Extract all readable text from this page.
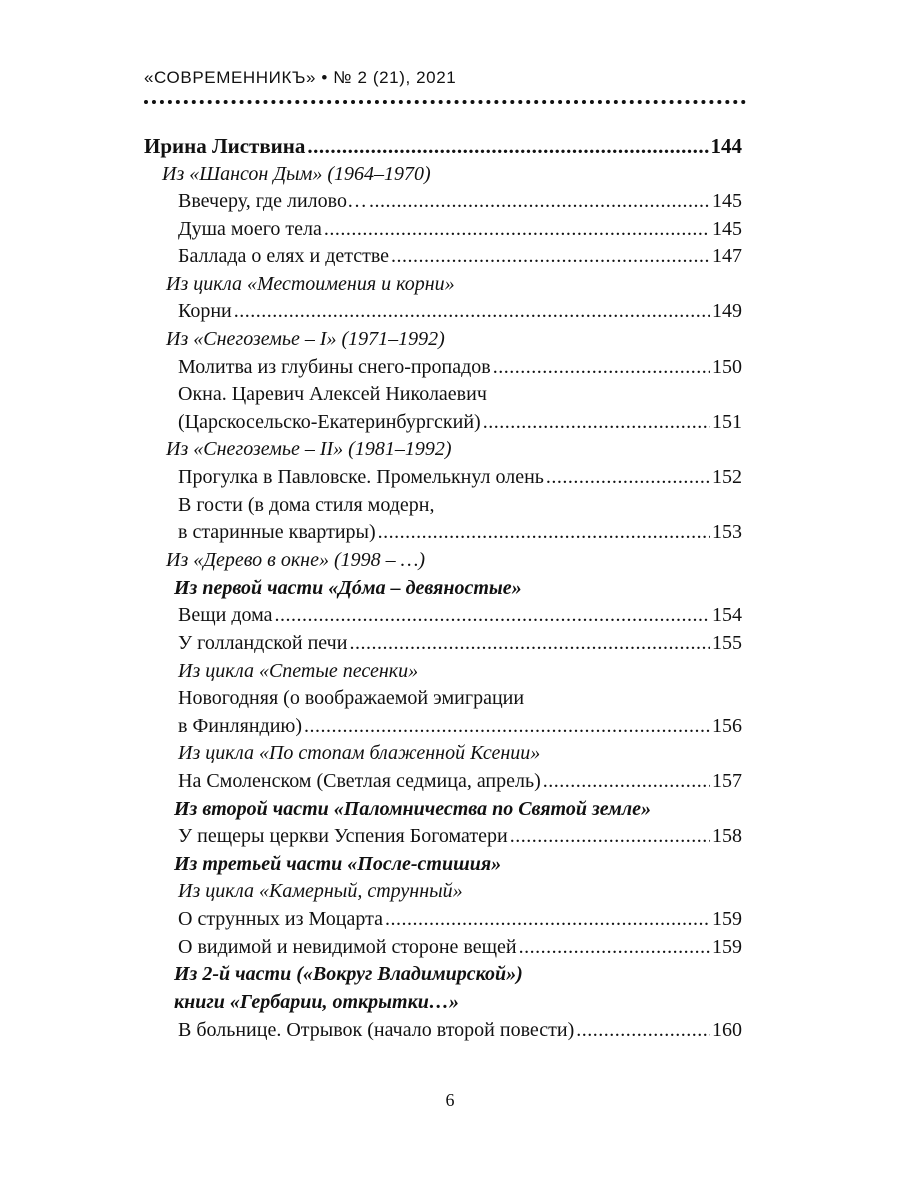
«СОВРЕМЕННИКЪ» • № 2 (21), 2021
Ирина Листвина .....	144
Из «Шансон Дым» (1964–1970)
Ввечеру, где лилово… .....	145
Душа моего тела .....	145
Баллада о елях и детстве .....	147
Из цикла «Местоимения и корни»
Корни .....	149
Из «Снегоземье – I» (1971–1992)
Молитва из глубины снего-пропадов .....	150
Окна. Царевич Алексей Николаевич
(Царскосельско-Екатеринбургский) .....	151
Из «Снегоземье – II» (1981–1992)
Прогулка в Павловске. Промелькнул олень .....	152
В гости (в дома стиля модерн,
в старинные квартиры) .....	153
Из «Дерево в окне» (1998 – …)
Из первой части «Дóма – девяностые»
Вещи дома .....	154
У голландской печи .....	155
Из цикла «Спетые песенки»
Новогодняя (о воображаемой эмиграции
в Финляндию) .....	156
Из цикла «По стопам блаженной Ксении»
На Смоленском (Светлая седмица, апрель) .....	157
Из второй части «Паломничества по Святой земле»
У пещеры церкви Успения Богоматери .....	158
Из третьей части «После-стишия»
Из цикла «Камерный, струнный»
О струнных из Моцарта .....	159
О видимой и невидимой стороне вещей .....	159
Из 2-й части («Вокруг Владимирской»)
книги «Гербарии, открытки…»
В больнице. Отрывок (начало второй повести) .....	160
6
